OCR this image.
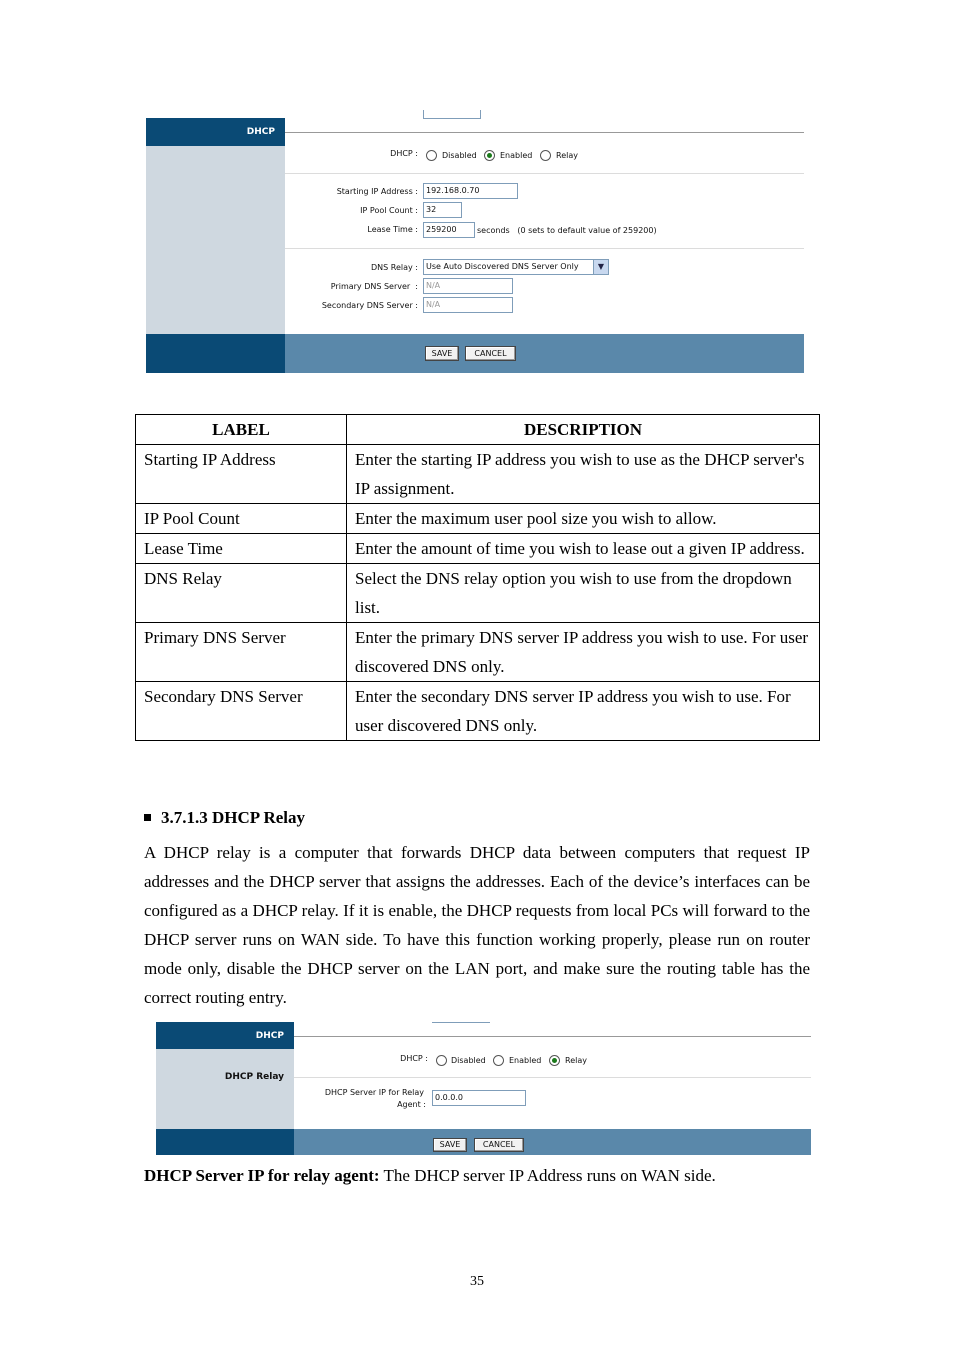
DHCP
DHCP :	Disabled	Enabled	Relay
Starting IP Address :	192.168.0.70
IP Pool Count :	32
Lease Time :	259200	seconds   (0 sets to default value of 259200)
DNS Relay :	Use Auto Discovered DNS Server Only	▼
Primary DNS Server  :	N/A
Secondary DNS Server :	N/A
SAVE	CANCEL
LABEL	DESCRIPTION
Starting IP Address	Enter the starting IP address you wish to use as the DHCP server's IP assignment.
IP Pool Count	Enter the maximum user pool size you wish to allow.
Lease Time	Enter the amount of time you wish to lease out a given IP address.
DNS Relay	Select the DNS relay option you wish to use from the dropdown list.
Primary DNS Server	Enter the primary DNS server IP address you wish to use. For user discovered DNS only.
Secondary DNS Server	Enter the secondary DNS server IP address you wish to use. For user discovered DNS only.
3.7.1.3 DHCP Relay
A DHCP relay is a computer that forwards DHCP data between computers that request IP addresses and the DHCP server that assigns the addresses. Each of the device’s interfaces can be configured as a DHCP relay. If it is enable, the DHCP requests from local PCs will forward to the DHCP server runs on WAN side. To have this function working properly, please run on router mode only, disable the DHCP server on the LAN port, and make sure the routing table has the correct routing entry.
DHCP
DHCP Relay
DHCP :	Disabled	Enabled	Relay
DHCP Server IP for Relay
Agent :
0.0.0.0
SAVE	CANCEL
DHCP Server IP for relay agent: The DHCP server IP Address runs on WAN side.
35
